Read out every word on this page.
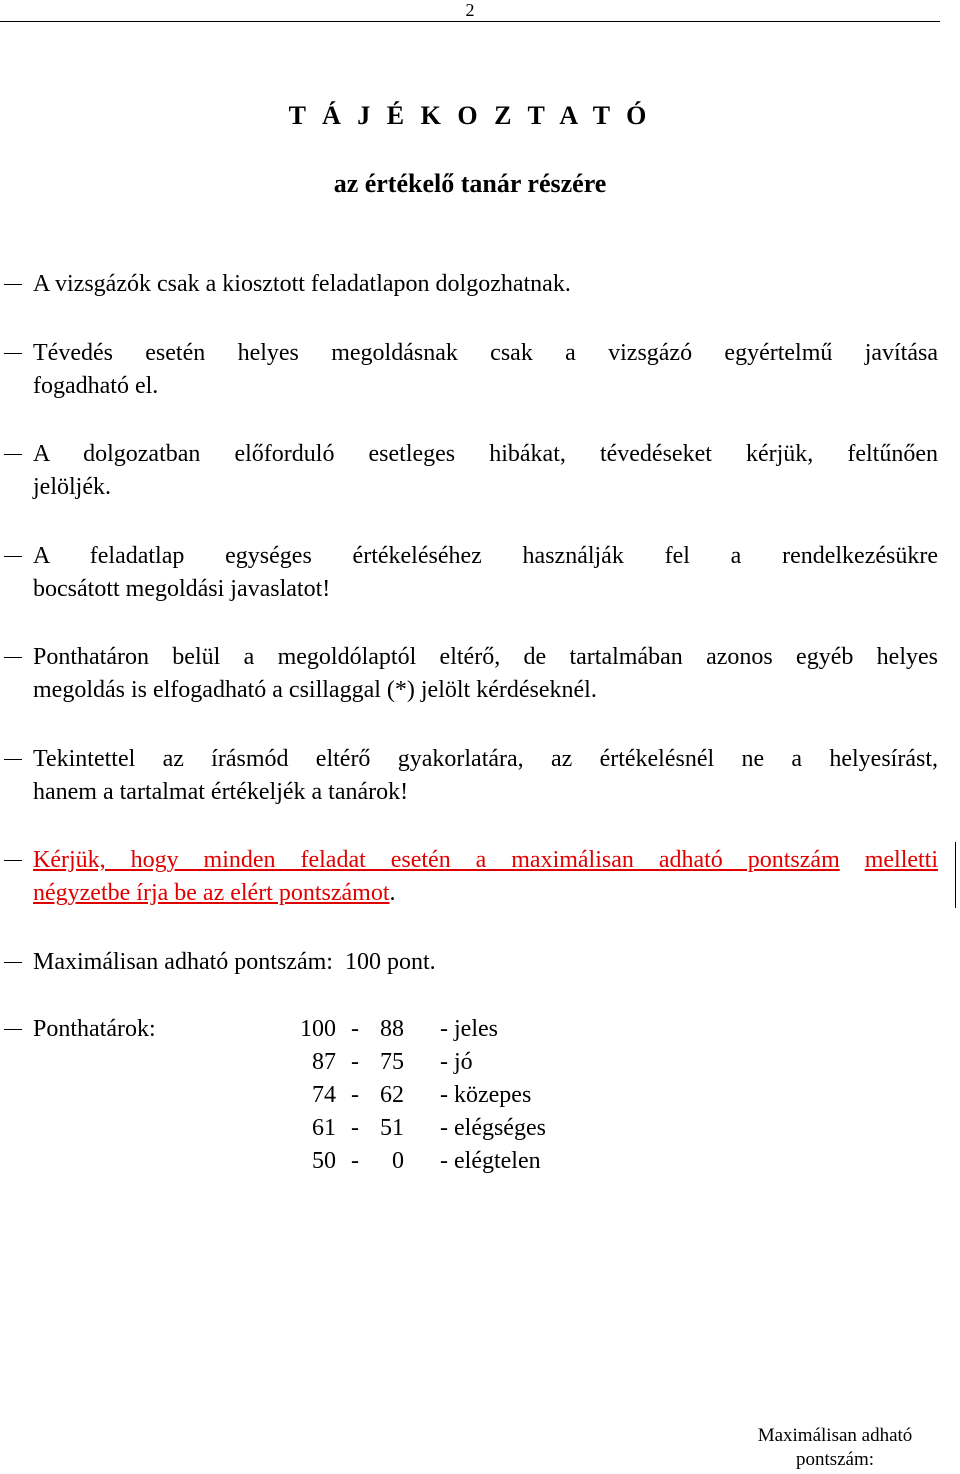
2
T Á J É K O Z T A T Ó
az értékelő tanár részére

A vizsgázók csak a kiosztott feladatlapon dolgozhatnak.

Tévedés esetén helyes megoldásnak csak a vizsgázó egyértelmű javítása

fogadható el.

A dolgozatban előforduló esetleges hibákat, tévedéseket kérjük, feltűnően

jelöljék.

A feladatlap egységes értékeléséhez használják fel a rendelkezésükre

bocsátott megoldási javaslatot!

Ponthatáron belül a megoldólaptól eltérő, de tartalmában azonos egyéb helyes

megoldás is elfogadható a csillaggal (*) jelölt kérdéseknél.

Tekintettel az írásmód eltérő gyakorlatára, az értékelésnél ne a helyesírást,

hanem a tartalmat értékeljék a tanárok!

Kérjük, hogy minden feladat esetén a maximálisan adható pontszám melletti

négyzetbe írja be az elért pontszámot.

Maximálisan adható pontszám: 100 pont.

Ponthatárok:	100 - 88 - jeles
87 - 75 - jó
74 - 62 - közepes
61 - 51 - elégséges
50 -	0 - elégtelen
Maximálisan adható
pontszám:
